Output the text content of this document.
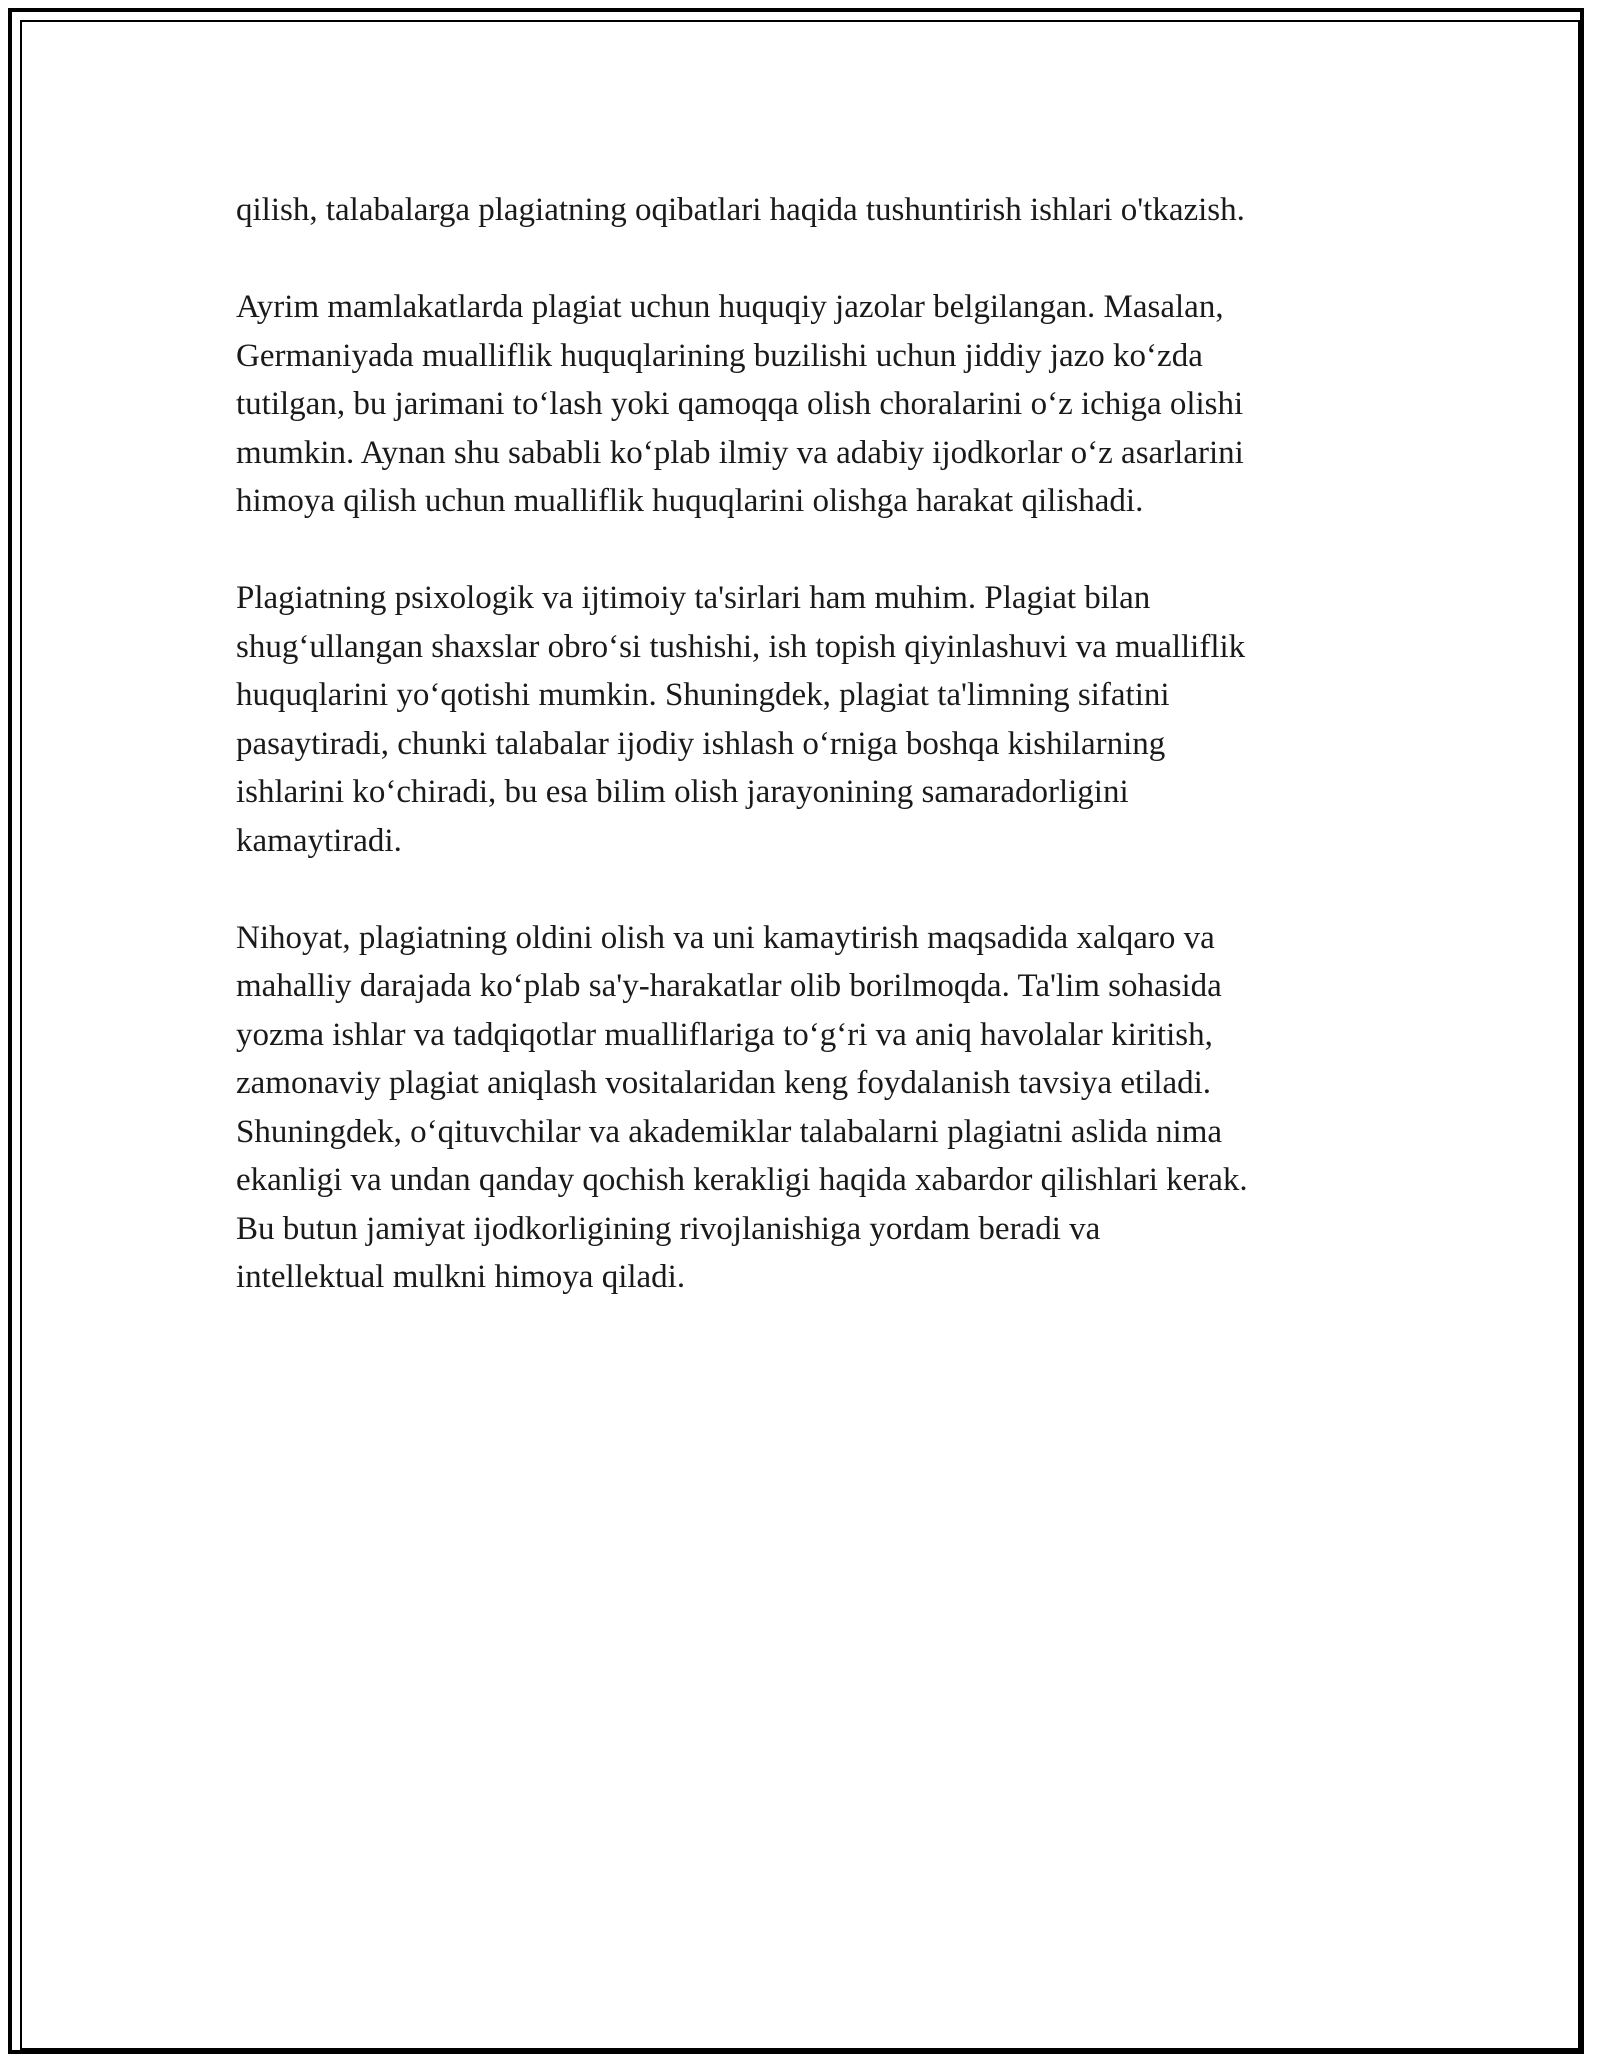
qilish, talabalarga plagiatning oqibatlari haqida tushuntirish ishlari o'tkazish.

Ayrim mamlakatlarda plagiat uchun huquqiy jazolar belgilangan. Masalan,
Germaniyada mualliflik huquqlarining buzilishi uchun jiddiy jazo koʻzda
tutilgan, bu jarimani toʻlash yoki qamoqqa olish choralarini oʻz ichiga olishi
mumkin. Aynan shu sababli koʻplab ilmiy va adabiy ijodkorlar oʻz asarlarini
himoya qilish uchun mualliflik huquqlarini olishga harakat qilishadi.

Plagiatning psixologik va ijtimoiy ta'sirlari ham muhim. Plagiat bilan
shugʻullangan shaxslar obroʻsi tushishi, ish topish qiyinlashuvi va mualliflik
huquqlarini yoʻqotishi mumkin. Shuningdek, plagiat ta'limning sifatini
pasaytiradi, chunki talabalar ijodiy ishlash oʻrniga boshqa kishilarning
ishlarini koʻchiradi, bu esa bilim olish jarayonining samaradorligini
kamaytiradi.

Nihoyat, plagiatning oldini olish va uni kamaytirish maqsadida xalqaro va
mahalliy darajada koʻplab sa'y-harakatlar olib borilmoqda. Ta'lim sohasida
yozma ishlar va tadqiqotlar mualliflariga toʻgʻri va aniq havolalar kiritish,
zamonaviy plagiat aniqlash vositalaridan keng foydalanish tavsiya etiladi.
Shuningdek, oʻqituvchilar va akademiklar talabalarni plagiatni aslida nima
ekanligi va undan qanday qochish kerakligi haqida xabardor qilishlari kerak.
Bu butun jamiyat ijodkorligining rivojlanishiga yordam beradi va
intellektual mulkni himoya qiladi.
